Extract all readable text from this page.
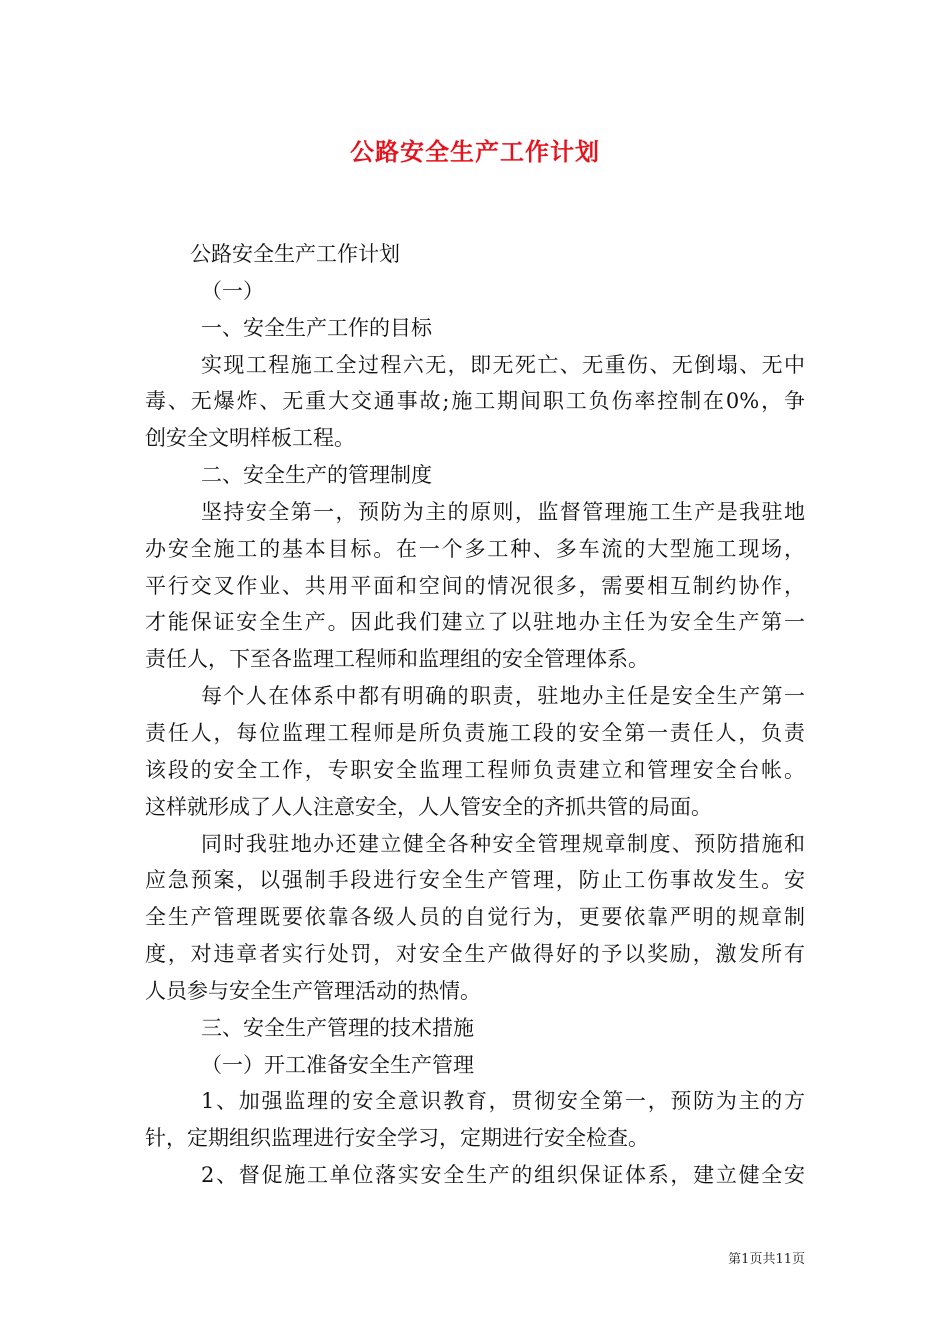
公路安全生产工作计划
公路安全生产工作计划
（一）
一、安全生产工作的目标
实现工程施工全过程六无，即无死亡、无重伤、无倒塌、无中
毒、无爆炸、无重大交通事故;施工期间职工负伤率控制在0%，争
创安全文明样板工程。
二、安全生产的管理制度
坚持安全第一，预防为主的原则，监督管理施工生产是我驻地
办安全施工的基本目标。在一个多工种、多车流的大型施工现场，
平行交叉作业、共用平面和空间的情况很多，需要相互制约协作，
才能保证安全生产。因此我们建立了以驻地办主任为安全生产第一
责任人，下至各监理工程师和监理组的安全管理体系。
每个人在体系中都有明确的职责，驻地办主任是安全生产第一
责任人，每位监理工程师是所负责施工段的安全第一责任人，负责
该段的安全工作，专职安全监理工程师负责建立和管理安全台帐。
这样就形成了人人注意安全，人人管安全的齐抓共管的局面。
同时我驻地办还建立健全各种安全管理规章制度、预防措施和
应急预案，以强制手段进行安全生产管理，防止工伤事故发生。安
全生产管理既要依靠各级人员的自觉行为，更要依靠严明的规章制
度，对违章者实行处罚，对安全生产做得好的予以奖励，激发所有
人员参与安全生产管理活动的热情。
三、安全生产管理的技术措施
（一）开工准备安全生产管理
1、加强监理的安全意识教育，贯彻安全第一，预防为主的方
针，定期组织监理进行安全学习，定期进行安全检查。
2、督促施工单位落实安全生产的组织保证体系，建立健全安
第1页共11页
